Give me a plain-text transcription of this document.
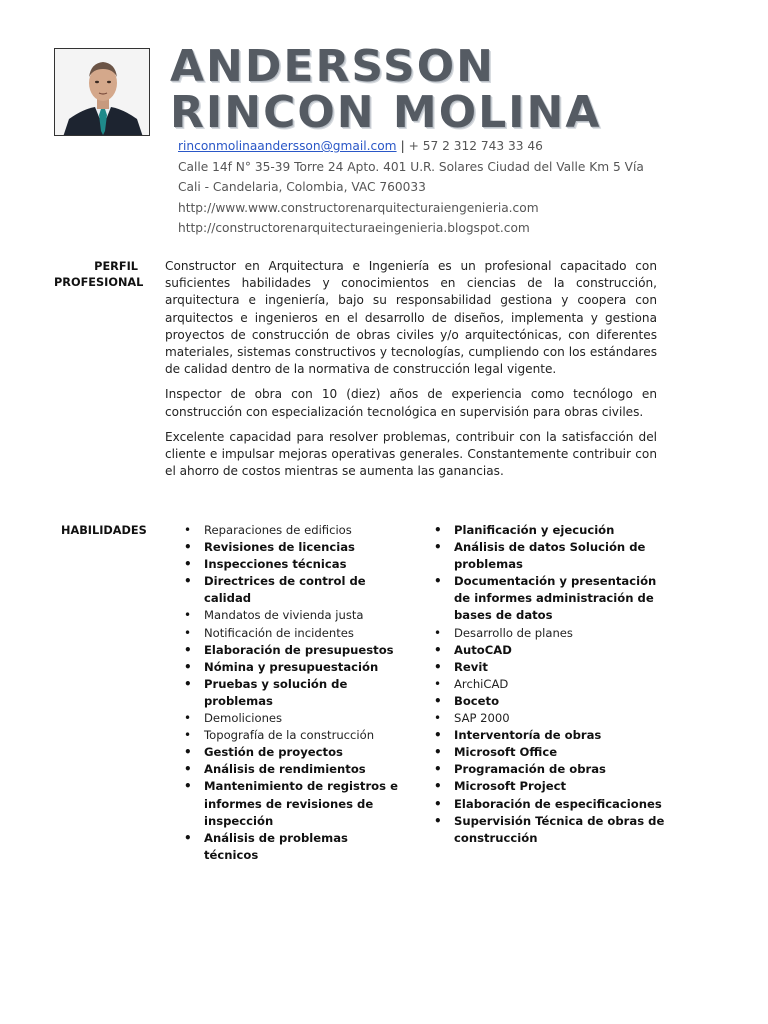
ANDERSSON
RINCON MOLINA
rinconmolinaandersson@gmail.com | + 57 2 312 743 33 46
Calle 14f N° 35-39 Torre 24 Apto. 401 U.R. Solares Ciudad del Valle Km 5 Vía
Cali - Candelaria, Colombia, VAC 760033
http://www.www.constructorenarquitecturaiengenieria.com
http://constructorenarquitecturaeingenieria.blogspot.com
PERFIL
PROFESIONAL

Constructor en Arquitectura e Ingeniería es un profesional capacitado con suficientes habilidades y conocimientos en ciencias de la construcción, arquitectura e ingeniería, bajo su responsabilidad gestiona y coopera con arquitectos e ingenieros en el desarrollo de diseños, implementa y gestiona proyectos de construcción de obras civiles y/o arquitectónicas, con diferentes materiales, sistemas constructivos y tecnologías, cumpliendo con los estándares de calidad dentro de la normativa de construcción legal vigente.

Inspector de obra con 10 (diez) años de experiencia como tecnólogo en construcción con especialización tecnológica en supervisión para obras civiles.

Excelente capacidad para resolver problemas, contribuir con la satisfacción del cliente e impulsar mejoras operativas generales. Constantemente contribuir con el ahorro de costos mientras se aumenta las ganancias.

HABILIDADES
•	Reparaciones de edificios
• Revisiones de licencias
• Inspecciones técnicas
• Directrices de control de calidad
• Mandatos de vivienda justa
• Notificación de incidentes
• Elaboración de presupuestos
• Nómina y presupuestación
• Pruebas y solución de problemas
• Demoliciones
• Topografía de la construcción
• Gestión de proyectos
• Análisis de rendimientos
• Mantenimiento de registros e informes de revisiones de inspección
• Análisis de problemas técnicos
• Planificación y ejecución
• Análisis de datos Solución de problemas
• Documentación y presentación de informes administración de bases de datos
• Desarrollo de planes
• AutoCAD
• Revit
• ArchiCAD
• Boceto
• SAP 2000
• Interventoría de obras
• Microsoft Office
• Programación de obras
• Microsoft Project
• Elaboración de especificaciones
• Supervisión Técnica de obras de construcción
